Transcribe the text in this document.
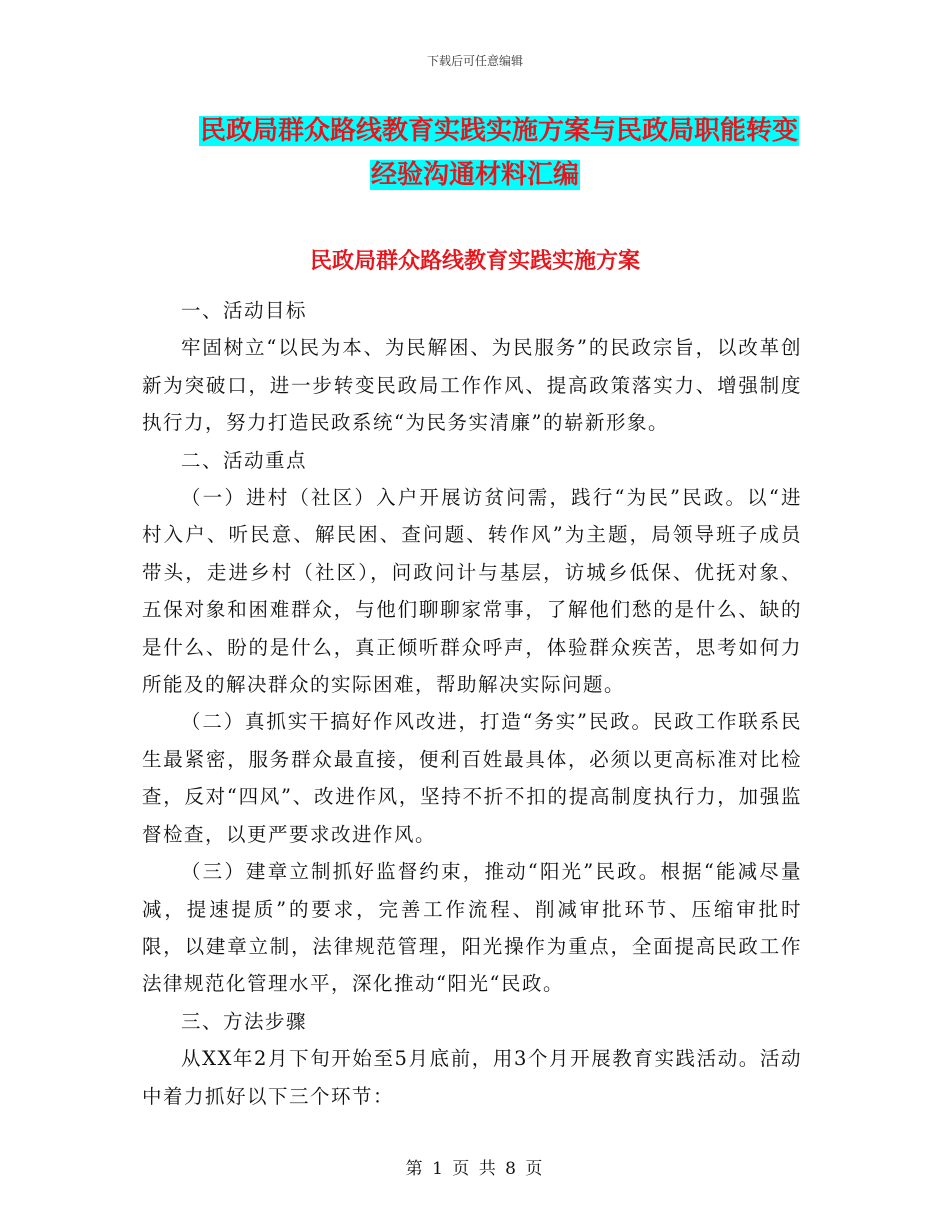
下载后可任意编辑
民政局群众路线教育实践实施方案与民政局职能转变
经验沟通材料汇编
民政局群众路线教育实践实施方案

一、活动目标

牢固树立“以民为本、为民解困、为民服务”的民政宗旨，以改革创新为突破口，进一步转变民政局工作作风、提高政策落实力、增强制度执行力，努力打造民政系统“为民务实清廉”的崭新形象。

二、活动重点

（一）进村（社区）入户开展访贫问需，践行“为民”民政。以“进村入户、听民意、解民困、查问题、转作风”为主题，局领导班子成员带头，走进乡村（社区），问政问计与基层，访城乡低保、优抚对象、五保对象和困难群众，与他们聊聊家常事，了解他们愁的是什么、缺的是什么、盼的是什么，真正倾听群众呼声，体验群众疾苦，思考如何力所能及的解决群众的实际困难，帮助解决实际问题。

（二）真抓实干搞好作风改进，打造“务实”民政。民政工作联系民生最紧密，服务群众最直接，便利百姓最具体，必须以更高标准对比检查，反对“四风”、改进作风，坚持不折不扣的提高制度执行力，加强监督检查，以更严要求改进作风。

（三）建章立制抓好监督约束，推动“阳光”民政。根据“能减尽量减，提速提质”的要求，完善工作流程、削减审批环节、压缩审批时限，以建章立制，法律规范管理，阳光操作为重点，全面提高民政工作法律规范化管理水平，深化推动“阳光“民政。

三、方法步骤

从XX年2月下旬开始至5月底前，用3个月开展教育实践活动。活动中着力抓好以下三个环节：

第 1 页 共 8 页
